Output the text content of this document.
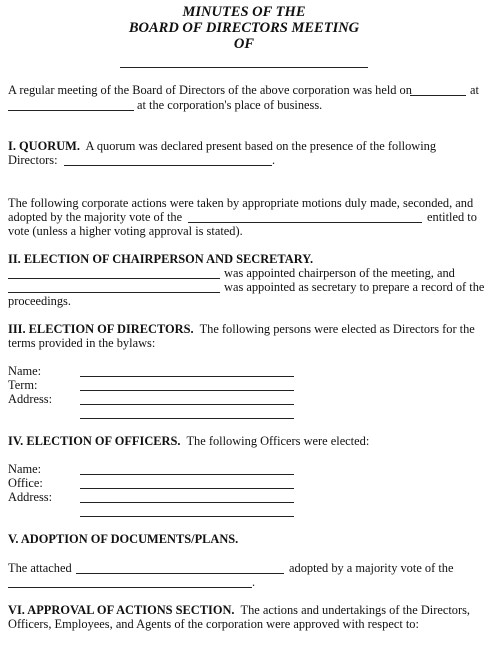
MINUTES OF THE
BOARD OF DIRECTORS MEETING
OF
A regular meeting of the Board of Directors of the above corporation was held on	at
at the corporation's place of business.
I. QUORUM. A quorum was declared present based on the presence of the following
Directors:	.
The following corporate actions were taken by appropriate motions duly made, seconded, and
adopted by the majority vote of the	entitled to
vote (unless a higher voting approval is stated).
II. ELECTION OF CHAIRPERSON AND SECRETARY.
was appointed chairperson of the meeting, and
was appointed as secretary to prepare a record of the
proceedings.
III. ELECTION OF DIRECTORS. The following persons were elected as Directors for the
terms provided in the bylaws:
Name:
Term:
Address:
IV. ELECTION OF OFFICERS. The following Officers were elected:
Name:
Office:
Address:
V. ADOPTION OF DOCUMENTS/PLANS.
The attached	adopted by a majority vote of the
.
VI. APPROVAL OF ACTIONS SECTION. The actions and undertakings of the Directors,
Officers, Employees, and Agents of the corporation were approved with respect to:
